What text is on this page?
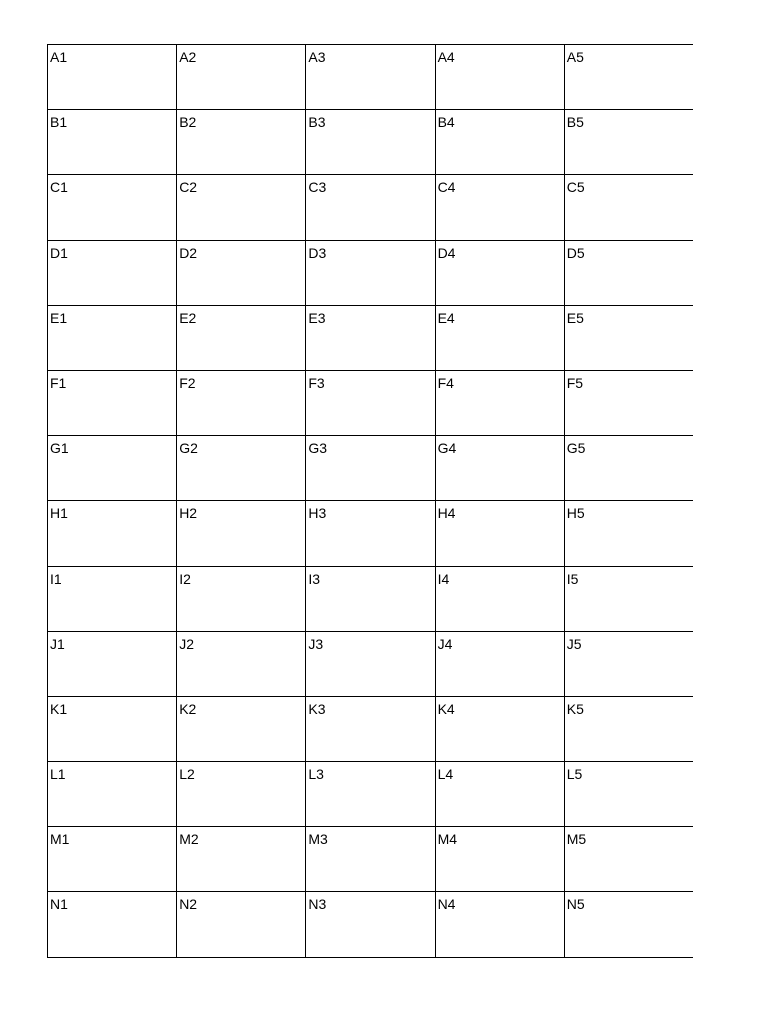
A1	A2	A3	A4	A5
B1	B2	B3	B4	B5
C1	C2	C3	C4	C5
D1	D2	D3	D4	D5
E1	E2	E3	E4	E5
F1	F2	F3	F4	F5
G1	G2	G3	G4	G5
H1	H2	H3	H4	H5
I1	I2	I3	I4	I5
J1	J2	J3	J4	J5
K1	K2	K3	K4	K5
L1	L2	L3	L4	L5
M1	M2	M3	M4	M5
N1	N2	N3	N4	N5
